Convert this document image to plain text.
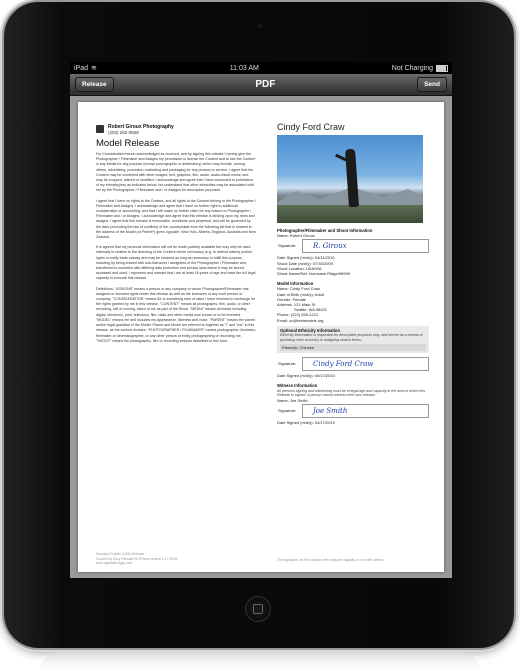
iPad ≋	11:03 AM	Not Charging
Release	PDF	Send
Robert Giroux Photography
(202) 262-0828
Model Release

For Consideration herein acknowledged as received, and by signing this release I hereby give the Photographer / Filmmaker and Assigns my permission to license the Content and to use the Content in any Media for any purpose (except pornographic or defamatory) which may include, among others, advertising, promotion, marketing and packaging for any product or service. I agree that the Content may be combined with other images, text, graphics, film, audio, audio-visual works; and may be cropped, altered or modified. I acknowledge and agree that I have consented to publication of my ethnicity(ies) as indicated below, but understand that other ethnicities may be associated with me by the Photographer / Filmmaker and / or Assigns for descriptive purposes.

I agree that I have no rights to the Content, and all rights to the Content belong to the Photographer / Filmmaker and Assigns. I acknowledge and agree that I have no further right to additional consideration or accounting, and that I will make no further claim for any reason to Photographer / Filmmaker and / or Assigns. I acknowledge and agree that this release is binding upon my heirs and assigns. I agree that this release is irrevocable, worldwide and perpetual, and will be governed by the laws (excluding the law of conflicts) of the country/state from the following list that is nearest to the address of the Model (or Parent*) given opposite: New York, Alberta, England, Australia and New Zealand.

It is agreed that my personal information will not be made publicly available but may only be used internally in relation to the licensing of the Content where necessary (e.g. to defend claims) protect rights or notify trade uneasy and may be retained as long as necessary to fulfill this purpose, including by being shared with sub-licensees / assignees of the Photographer / Filmmaker and transferred to countries with differing data protection and privacy laws where it may be stored, accessed and used. I represent and warrant that I am at least 18 years of age and have the full legal capacity to execute this release.

Definitions: "ASSIGNS" means a person or any company to whom Photographer/Filmmaker has assigned or licensed rights under this release as well as the licensees of any such person or company. "CONSIDERATION" means $1 or something else of value I have received in exchange for the rights granted by me in this release. "CONTENT" means all photographs, film, audio, or other recording, still or moving, taken of me as part of the Shoot. "MEDIA" means all media including digital, electronic, print, television, film, radio and other media now known or to be invented. "MODEL" means me and includes my appearance, likeness and voice. "PARENT" means the parent and/or legal guardian of the Model. Parent and Model are referred to together as "I" and "me" in this release, as the context dictates. "PHOTOGRAPHER / FILMMAKER" means photographer, illustrator, filmmaker or cinematographer, or any other person or entity photographing or recording me. "SHOOT" means the photographic, film or recording session described in this form.

Standard English (USA) Release
Created by Easy Release for iPhone version 1.6 / 03/09
www.applicationgap.com
Cindy Ford Craw
Photographer/Filmmaker and Shoot Information
Name: Robert Giroux
Signature: R. Giroux
Date Signed (m/d/y): 04/11/2010
Shoot Date (m/d/y): 07/30/2009
Shoot Location: USA/WA
Shoot Name/Ref: Hurricane Ridge/99999
Model Information
Name: Cindy Ford Craw
Date of Birth (m/d/y): Adult
Gender: Female
Address: 121 Main St
Seattle, WA 98101
Phone: (222) 555-1212
Email: cc@testmodels.org
Optional Ethnicity Information
Ethnicity information is requested for descriptive purposes only, and serves as a means of providing more accuracy in assigning search terms.
Ethnicity: Chinese
Signature: Cindy Ford Craw
Date Signed (m/d/y): 04/17/2010
Witness Information
All persons signing and witnessing must be of legal age and capacity in the area in which this Release is signed. A person cannot witness their own release.
Name: Joe Smith
Signature: Joe Smith
Date Signed (m/d/y): 04/17/2010
The signatures on this release were captured digitally on a mobile device.
